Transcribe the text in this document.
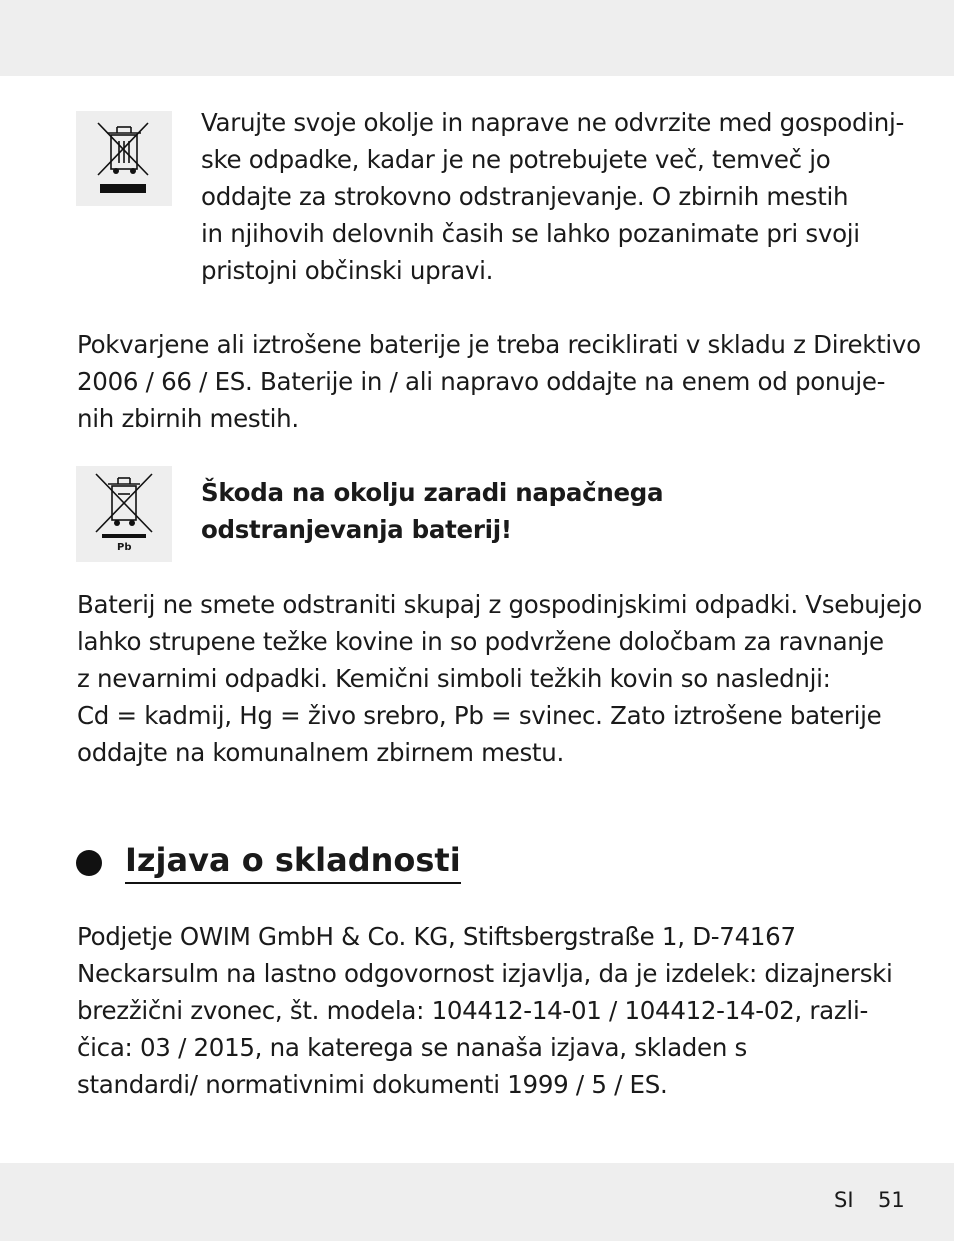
Varujte svoje okolje in naprave ne odvrzite med gospodinj-
ske odpadke, kadar je ne potrebujete več, temveč jo
oddajte za strokovno odstranjevanje. O zbirnih mestih
in njihovih delovnih časih se lahko pozanimate pri svoji
pristojni občinski upravi.

Pokvarjene ali iztrošene baterije je treba reciklirati v skladu z Direktivo
2006 / 66 / ES. Baterije in / ali napravo oddajte na enem od ponuje-
nih zbirnih mestih.

Pb

Škoda na okolju zaradi napačnega
odstranjevanja baterij!

Baterij ne smete odstraniti skupaj z gospodinjskimi odpadki. Vsebujejo
lahko strupene težke kovine in so podvržene določbam za ravnanje
z nevarnimi odpadki. Kemični simboli težkih kovin so naslednji:
Cd = kadmij, Hg = živo srebro, Pb = svinec. Zato iztrošene baterije
oddajte na komunalnem zbirnem mestu.

Izjava o skladnosti

Podjetje OWIM GmbH & Co. KG, Stiftsbergstraße 1, D-74167
Neckarsulm na lastno odgovornost izjavlja, da je izdelek: dizajnerski
brezžični zvonec, št. modela: 104412-14-01 / 104412-14-02, razli-
čica: 03 / 2015, na katerega se nanaša izjava, skladen s
standardi/ normativnimi dokumenti 1999 / 5 / ES.

SI 51
